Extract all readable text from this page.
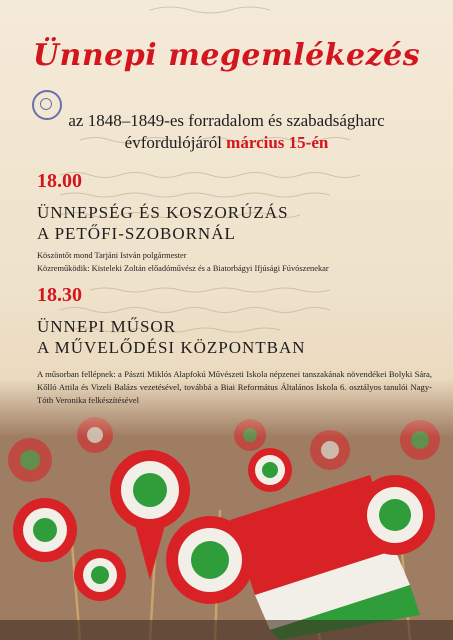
Ünnepi megemlékezés
az 1848–1849-es forradalom és szabadságharc
évfordulójáról március 15-én
18.00
ÜNNEPSÉG ÉS KOSZORÚZÁS
A PETŐFI-SZOBORNÁL
Köszöntőt mond Tarjáni István polgármester
Közreműködik: Kisteleki Zoltán előadóművész és a Biatorbágyi Ifjúsági Fúvószenekar
18.30
ÜNNEPI MŰSOR
A MŰVELŐDÉSI KÖZPONTBAN
A műsorban fellépnek: a Pászti Miklós Alapfokú Művészeti Iskola népzenei tanszakának növendékei Bolyki Sára, Kőlló Attila és Vizeli Balázs vezetésével, továbbá a Biai Református Általános Iskola 6. osztályos tanulói Nagy-Tóth Veronika felkészítésével
